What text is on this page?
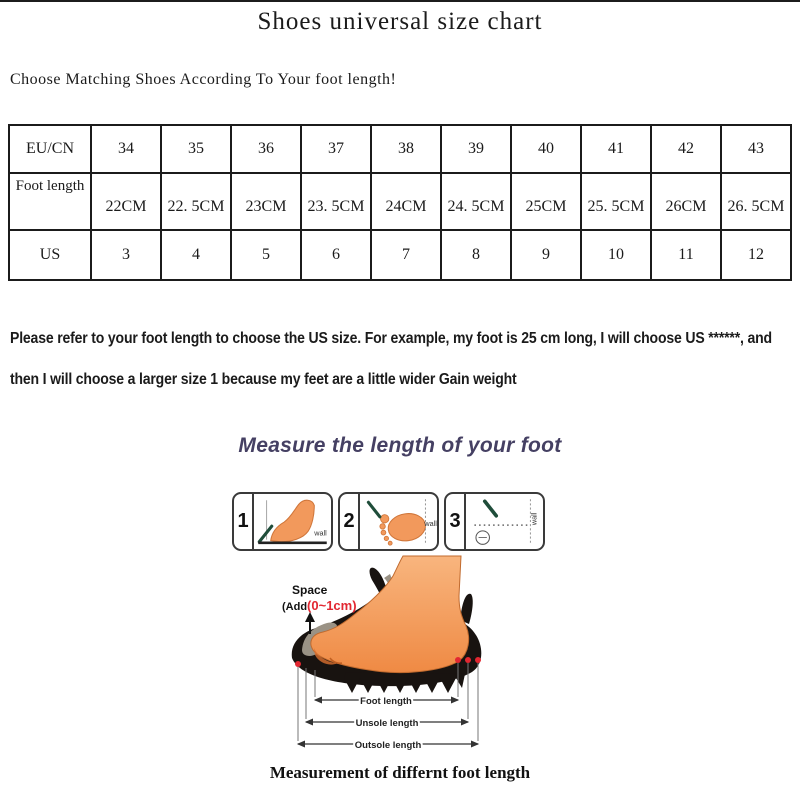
Shoes universal size chart
Choose Matching Shoes According To Your foot length!
EU/CN	34	35	36	37	38	39	40	41	42	43
Foot length	22CM	22. 5CM	23CM	23. 5CM	24CM	24. 5CM	25CM	25. 5CM	26CM	26. 5CM
US	3	4	5	6	7	8	9	10	11	12
Please refer to your foot length to choose the US size. For example, my foot is 25 cm long, I will choose US ******, and then I will choose a larger size 1 because my feet are a little wider Gain weight
Measure the length of your foot
1
wall
2	wall 3	wall
Space
(Add(0~1cm)
Foot length
Unsole length
Outsole length
Measurement of differnt foot length
